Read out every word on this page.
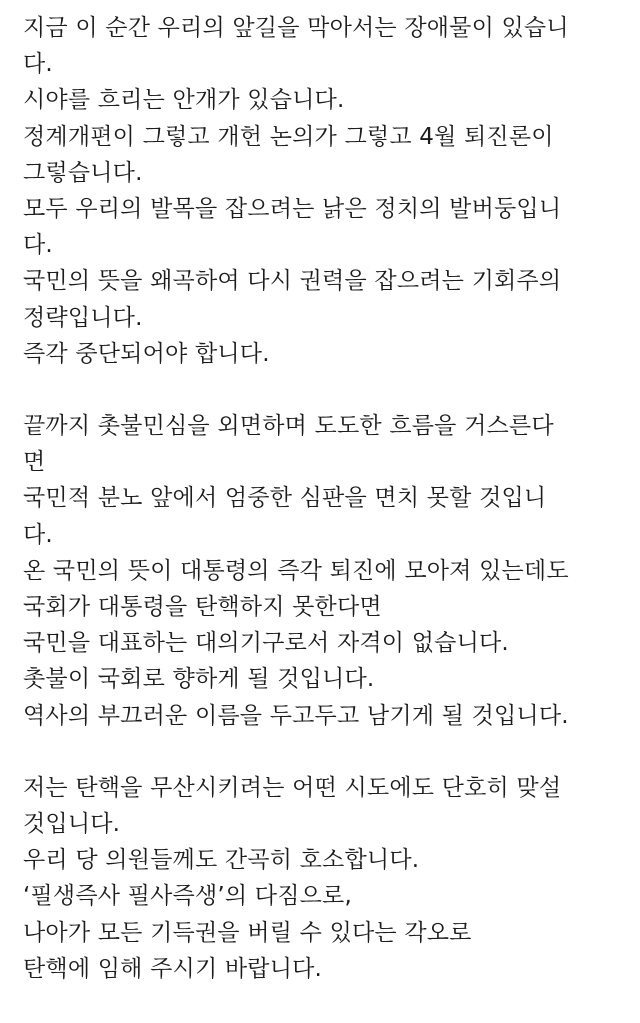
지금 이 순간 우리의 앞길을 막아서는 장애물이 있습니
다.
시야를 흐리는 안개가 있습니다.
정계개편이 그렇고 개헌 논의가 그렇고 4월 퇴진론이
그렇습니다.
모두 우리의 발목을 잡으려는 낡은 정치의 발버둥입니
다.
국민의 뜻을 왜곡하여 다시 권력을 잡으려는 기회주의
정략입니다.
즉각 중단되어야 합니다.
끝까지 촛불민심을 외면하며 도도한 흐름을 거스른다
면
국민적 분노 앞에서 엄중한 심판을 면치 못할 것입니
다.
온 국민의 뜻이 대통령의 즉각 퇴진에 모아져 있는데도
국회가 대통령을 탄핵하지 못한다면
국민을 대표하는 대의기구로서 자격이 없습니다.
촛불이 국회로 향하게 될 것입니다.
역사의 부끄러운 이름을 두고두고 남기게 될 것입니다.
저는 탄핵을 무산시키려는 어떤 시도에도 단호히 맞설
것입니다.
우리 당 의원들께도 간곡히 호소합니다.
‘필생즉사 필사즉생’의 다짐으로,
나아가 모든 기득권을 버릴 수 있다는 각오로
탄핵에 임해 주시기 바랍니다.
